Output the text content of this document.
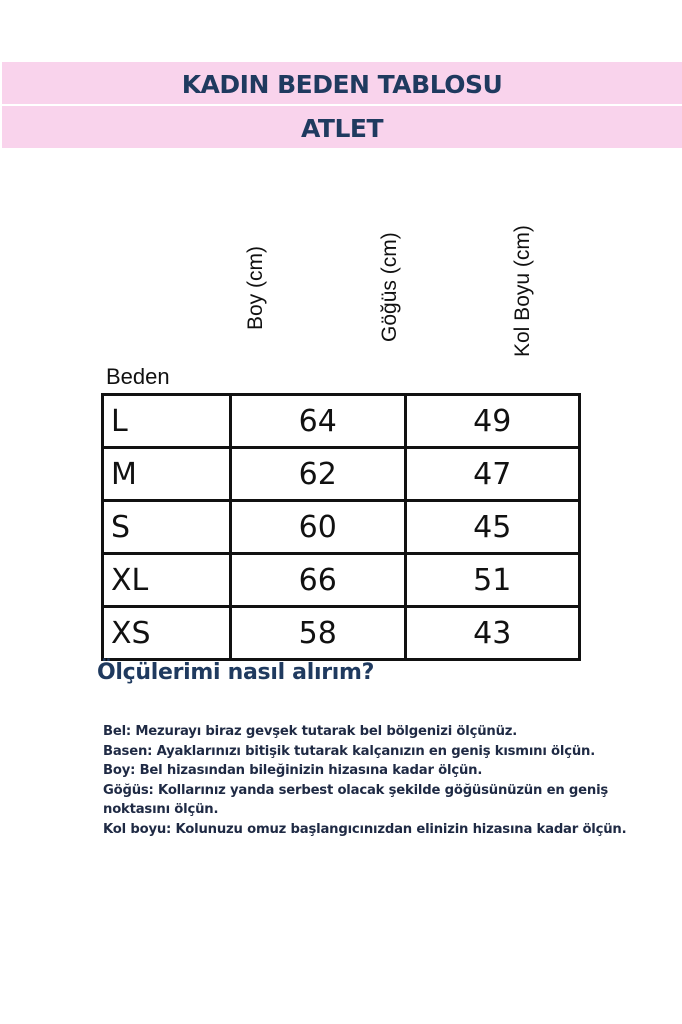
KADIN BEDEN TABLOSU
ATLET
Boy (cm)	Göğüs (cm)	Kol Boyu (cm)
Beden
L	64	49
M	62	47
S	60	45
XL	66	51
XS	58	43
Ölçülerimi nasıl alırım?
Bel: Mezurayı biraz gevşek tutarak bel bölgenizi ölçünüz.
Basen: Ayaklarınızı bitişik tutarak kalçanızın en geniş kısmını ölçün.
Boy: Bel hizasından bileğinizin hizasına kadar ölçün.
Göğüs: Kollarınız yanda serbest olacak şekilde göğüsünüzün en geniş
noktasını ölçün.
Kol boyu: Kolunuzu omuz başlangıcınızdan elinizin hizasına kadar ölçün.
